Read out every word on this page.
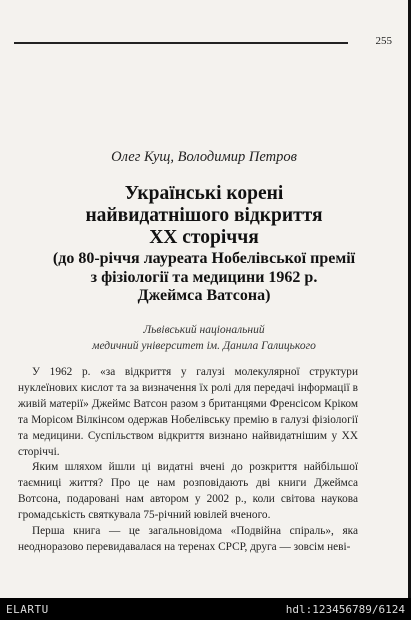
255
Олег Кущ, Володимир Петров
Українські корені
найвидатнішого відкриття
ХХ сторіччя
(до 80-річчя лауреата Нобелівської премії
з фізіології та медицини 1962 р.
Джеймса Ватсона)
Львівський національний
медичний університет ім. Данила Галицького

У 1962 р. «за відкриття у галузі молекулярної структури нуклеїнових кислот та за визначення їх ролі для передачі інформації в живій матерії» Джеймс Ватсон разом з британцями Френсісом Кріком та Морісом Вілкінсом одержав Нобелівську премію в галузі фізіології та медицини. Суспільством відкриття визнано найвидатнішим у ХХ сторіччі.

Яким шляхом йшли ці видатні вчені до розкриття найбільшої таємниці життя? Про це нам розповідають дві книги Джеймса Вотсона, подаровані нам автором у 2002 р., коли світова наукова громадськість святкувала 75-річний ювілей вченого.

Перша книга — це загальновідома «Подвійна спіраль», яка неодноразово перевидавалася на теренах СРСР, друга — зовсім неві-

ELARTU	hdl:123456789/6124
